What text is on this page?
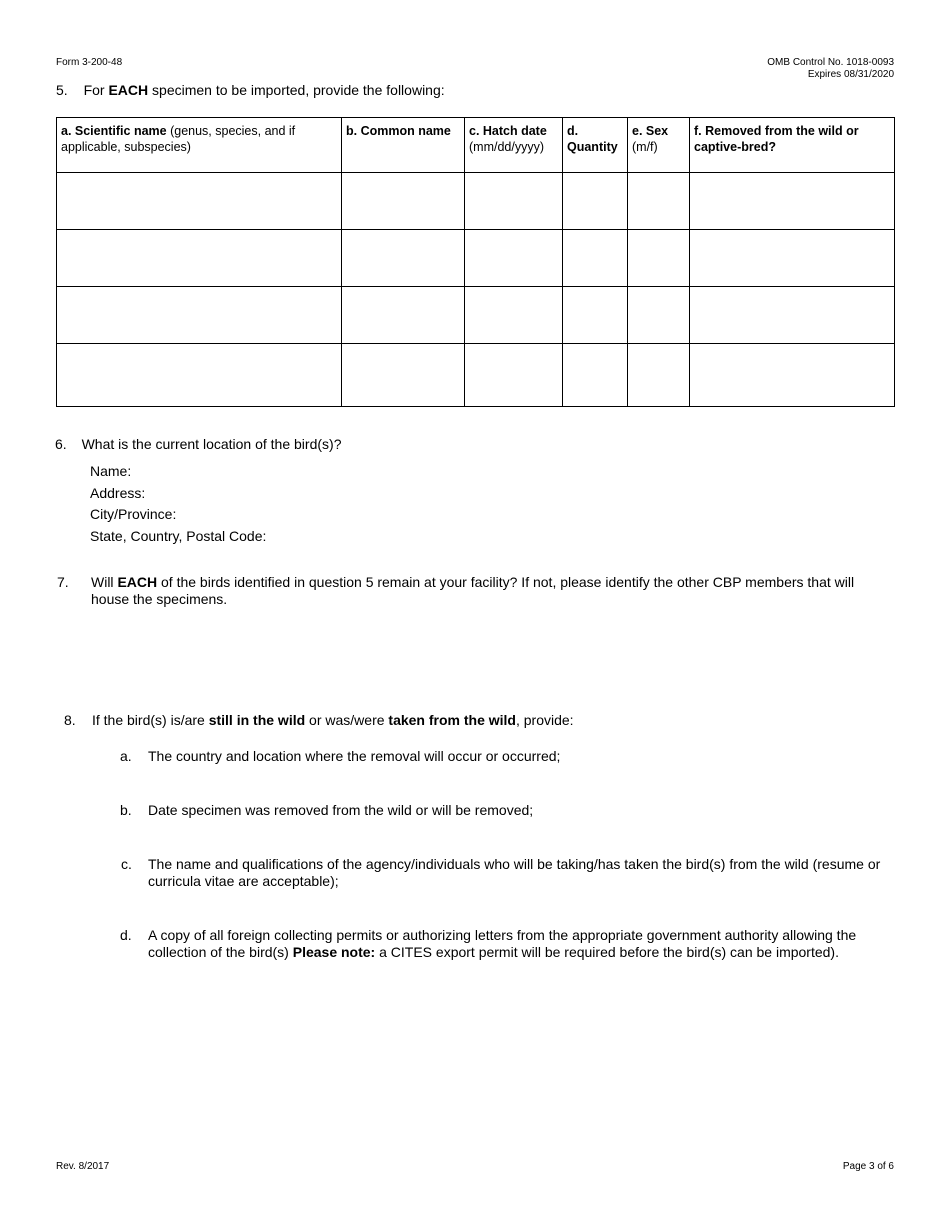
Form 3-200-48	OMB Control No. 1018-0093
Expires 08/31/2020
5. For EACH specimen to be imported, provide the following:
a. Scientific name (genus, species, and if applicable, subspecies)	b. Common name	c. Hatch date (mm/dd/yyyy)	d. Quantity	e. Sex
(m/f)	f. Removed from the wild or captive-bred?

6. What is the current location of the bird(s)?
Name:
Address:
City/Province:
State, Country, Postal Code:
7. Will EACH of the birds identified in question 5 remain at your facility? If not, please identify the other CBP members that will house the specimens.
8. If the bird(s) is/are still in the wild or was/were taken from the wild, provide:
a. The country and location where the removal will occur or occurred;
b. Date specimen was removed from the wild or will be removed;
c. The name and qualifications of the agency/individuals who will be taking/has taken the bird(s) from the wild (resume or curricula vitae are acceptable);
d. A copy of all foreign collecting permits or authorizing letters from the appropriate government authority allowing the collection of the bird(s) Please note: a CITES export permit will be required before the bird(s) can be imported).
Rev. 8/2017	Page 3 of 6
